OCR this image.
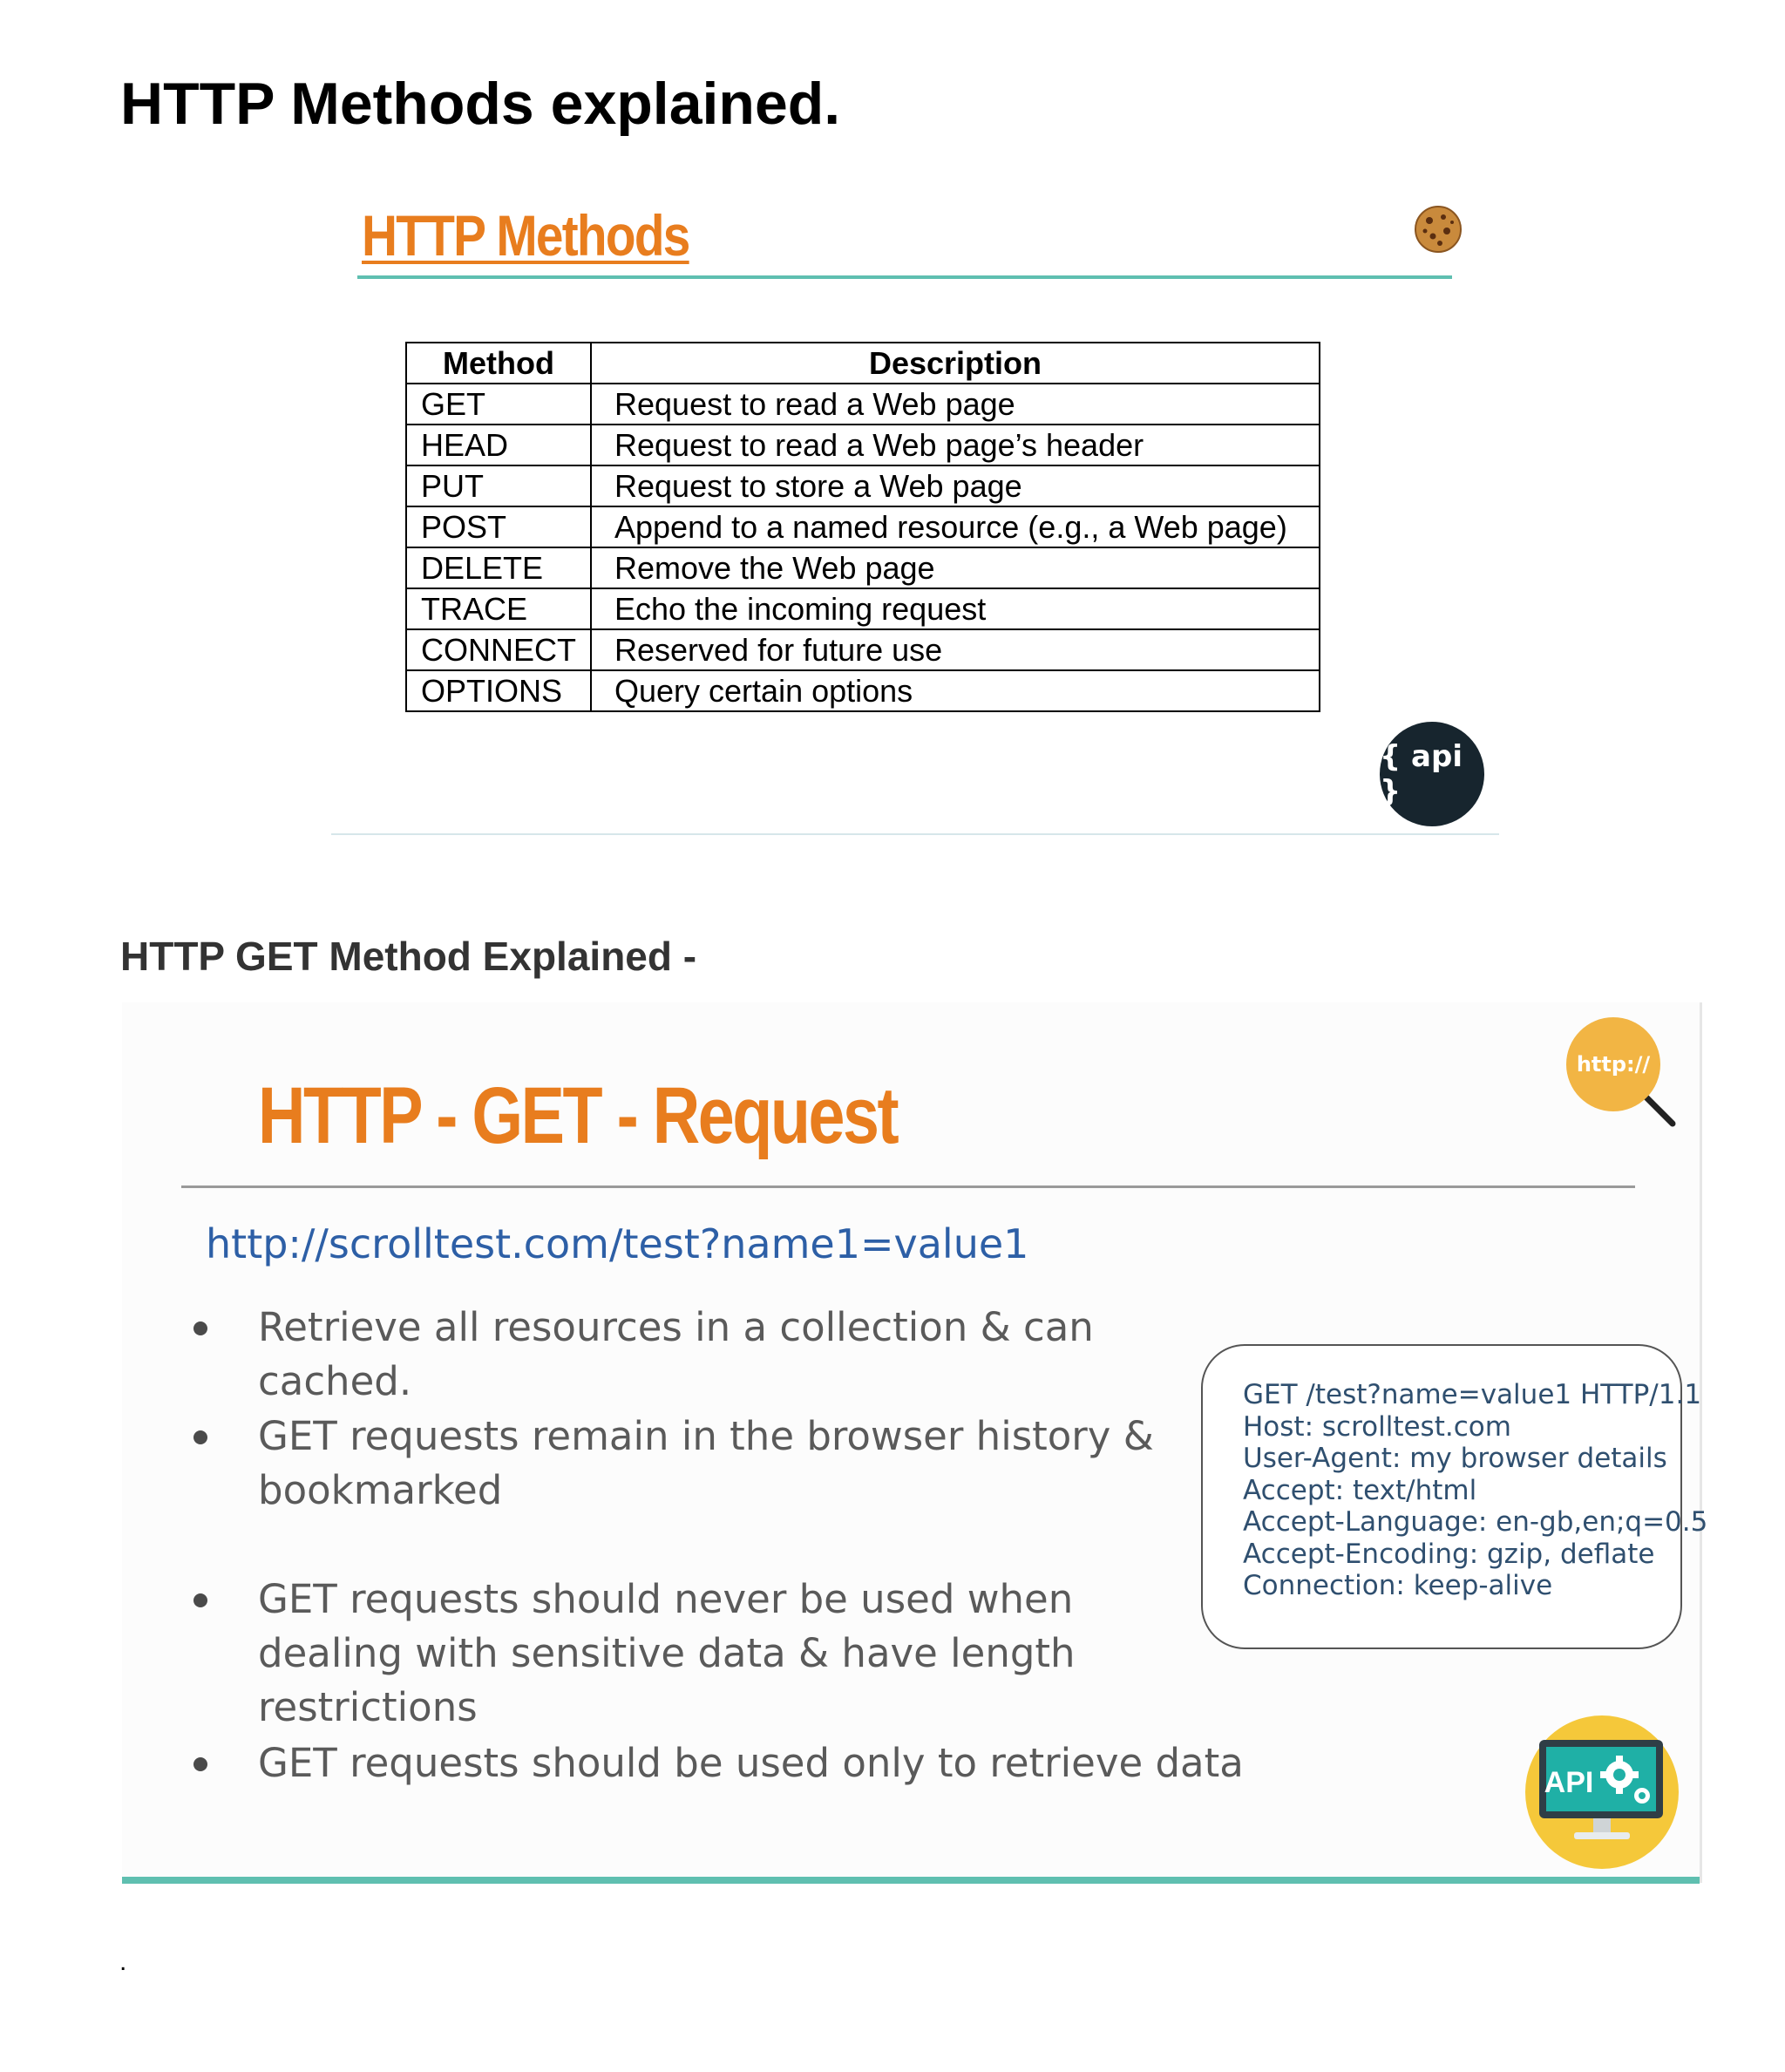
HTTP Methods explained.
HTTP Methods
Method	Description
GET	Request to read a Web page
HEAD	Request to read a Web page’s header
PUT	Request to store a Web page
POST	Append to a named resource (e.g., a Web page)
DELETE	Remove the Web page
TRACE	Echo the incoming request
CONNECT	Reserved for future use
OPTIONS	Query certain options
{ api }
HTTP GET Method Explained -
HTTP - GET - Request
http://
http://scrolltest.com/test?name1=value1
Retrieve all resources in a collection & can cached.
GET requests remain in the browser history & bookmarked
GET requests should never be used when dealing with sensitive data & have length restrictions
GET requests should be used only to retrieve data
GET /test?name=value1 HTTP/1.1
Host: scrolltest.com
User-Agent: my browser details
Accept: text/html
Accept-Language: en-gb,en;q=0.5
Accept-Encoding: gzip, deflate
Connection: keep-alive
API
.
